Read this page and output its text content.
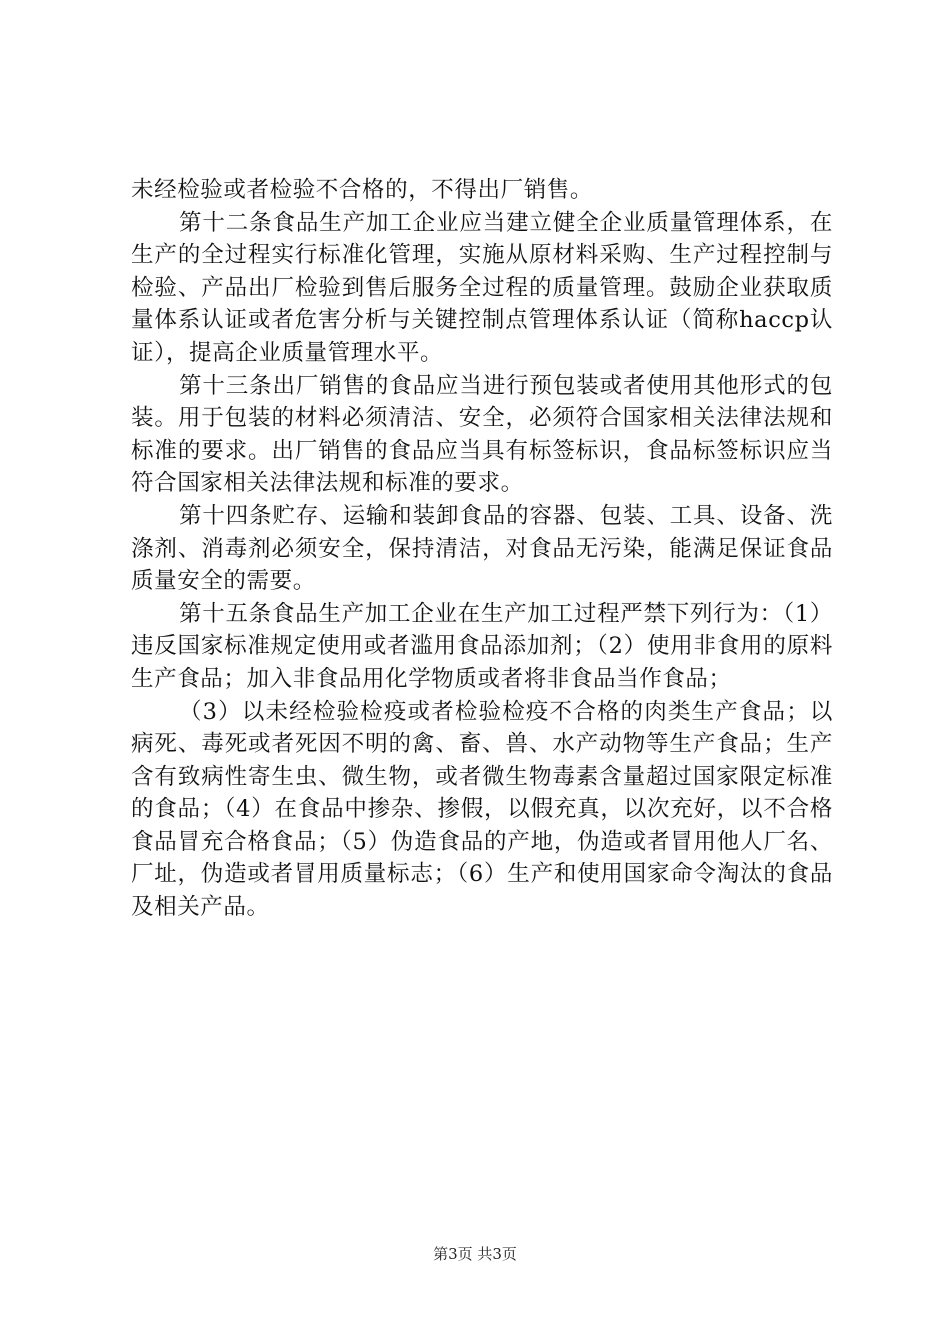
未经检验或者检验不合格的，不得出厂销售。

第十二条食品生产加工企业应当建立健全企业质量管理体系，在生产的全过程实行标准化管理，实施从原材料采购、生产过程控制与检验、产品出厂检验到售后服务全过程的质量管理。鼓励企业获取质量体系认证或者危害分析与关键控制点管理体系认证（简称haccp认证），提高企业质量管理水平。

第十三条出厂销售的食品应当进行预包装或者使用其他形式的包装。用于包装的材料必须清洁、安全，必须符合国家相关法律法规和标准的要求。出厂销售的食品应当具有标签标识，食品标签标识应当符合国家相关法律法规和标准的要求。

第十四条贮存、运输和装卸食品的容器、包装、工具、设备、洗涤剂、消毒剂必须安全，保持清洁，对食品无污染，能满足保证食品质量安全的需要。

第十五条食品生产加工企业在生产加工过程严禁下列行为：（1）违反国家标准规定使用或者滥用食品添加剂；（2）使用非食用的原料生产食品；加入非食品用化学物质或者将非食品当作食品；

（3）以未经检验检疫或者检验检疫不合格的肉类生产食品；以病死、毒死或者死因不明的禽、畜、兽、水产动物等生产食品；生产含有致病性寄生虫、微生物，或者微生物毒素含量超过国家限定标准的食品；（4）在食品中掺杂、掺假，以假充真，以次充好，以不合格食品冒充合格食品；（5）伪造食品的产地，伪造或者冒用他人厂名、厂址，伪造或者冒用质量标志；（6）生产和使用国家命令淘汰的食品及相关产品。

第3页 共3页
